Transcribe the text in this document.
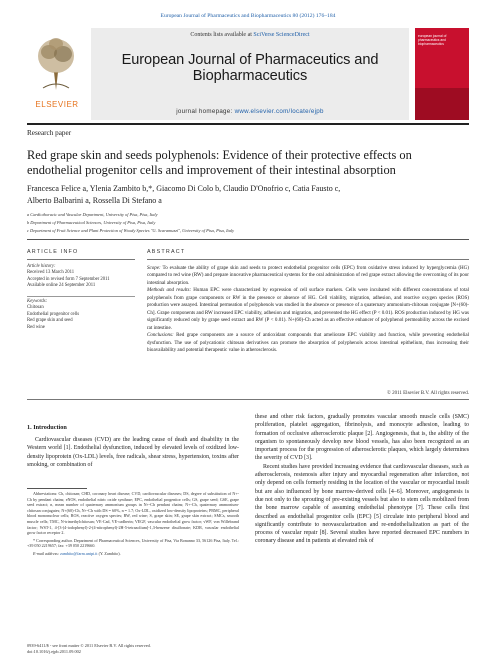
European Journal of Pharmaceutics and Biopharmaceutics 80 (2012) 176–184
ELSEVIER
Contents lists available at SciVerse ScienceDirect
European Journal of Pharmaceutics and Biopharmaceutics
journal homepage: www.elsevier.com/locate/ejpb
european journal of pharmaceutics and biopharmaceutics
Research paper
Red grape skin and seeds polyphenols: Evidence of their protective effects on endothelial progenitor cells and improvement of their intestinal absorption
Francesca Felice a, Ylenia Zambito b,*, Giacomo Di Colo b, Claudio D'Onofrio c, Catia Fausto c,
Alberto Balbarini a, Rossella Di Stefano a
a Cardiothoracic and Vascular Department, University of Pisa, Pisa, Italy
b Department of Pharmaceutical Sciences, University of Pisa, Pisa, Italy
c Department of Fruit Science and Plant Protection of Woody Species "G. Scaramuzzi", University of Pisa, Pisa, Italy
ARTICLE INFO	ABSTRACT
Article history:
Received 13 March 2011
Accepted in revised form 7 September 2011
Available online 24 September 2011
Keywords:
Chitosan
Endothelial progenitor cells
Red grape skin and seed
Red wine
Scope: To evaluate the ability of grape skin and seeds to protect endothelial progenitor cells (EPC) from oxidative stress induced by hyperglycemia (HG) compared to red wine (RW) and prepare innovative pharmaceutical systems for the oral administration of red grape extract allowing the overcoming of its poor intestinal absorption.
Methods and results: Human EPC were characterized by expression of cell surface markers. Cells were incubated with different concentrations of total polyphenols from grape components or RW in the presence or absence of HG. Cell viability, migration, adhesion, and reactive oxygen species (ROS) production were assayed. Intestinal permeation of polyphenols was studied in the absence or presence of a quaternary ammonium-chitosan conjugate [N+(60)-Ch]. Grape components and RW increased EPC viability, adhesion and migration, and prevented the HG effect (P < 0.01). ROS production induced by HG was significantly reduced only by grape seed extract and RW (P < 0.01). N+(60)-Ch acted as an effective enhancer of polyphenol permeability across the excised rat intestine.
Conclusions: Red grape components are a source of antioxidant compounds that ameliorate EPC viability and function, while preventing endothelial dysfunction. The use of polycationic chitosan derivatives can promote the absorption of polyphenols across intestinal epithelium, thus increasing their bioavailability and potential therapeutic value in atherosclerosis.
© 2011 Elsevier B.V. All rights reserved.
1. Introduction
Cardiovascular diseases (CVD) are the leading cause of death and disability in the Western world [1]. Endothelial dysfunction, induced by elevated levels of oxidized low-density lipoprotein (Ox-LDL) levels, free radicals, shear stress, hypertension, toxins after smoking, or combination of

Abbreviations: Ch, chitosan; CHD, coronary heart disease; CVD, cardiovascular diseases; DS, degree of substitution of N+-Ch by pendant chains; eNOS, endothelial nitric oxide synthase; EPC, endothelial progenitor cells; GS, grape seed; GSE, grape seed extract; n, mean number of quaternary ammonium groups in N+-Ch pendant chains; N+-Ch, quaternary ammonium-chitosan conjugates; N+(60)-Ch, N+-Ch with DS = 60%, n = 1.7; Ox-LDL, oxidized low-density lipoproteins; PBMC, peripheral blood mononuclear cells; ROS, reactive oxygen species; RW, red wine; S, grape skin; SE, grape skin extract; SMCs, smooth muscle cells; TMC, N-trimethylchitosan; VE-Cad, VE-cadherin; VEGF, vascular endothelial grow factor; vWF, von Willebrand factor; WST-1, 4-[3-(4-iodophenyl)-2-(4-nitrophenyl)-2H-5-tetrazolium]-1,3-benzene disulfonate; KDR, vascular endothelial grow factor receptor 2.

* Corresponding author. Department of Pharmaceutical Sciences, University of Pisa, Via Bonanno 33, 56126 Pisa, Italy. Tel.: +39 050 2219657; fax: +39 050 2219660.

E-mail address: zambito@farm.unipi.it (Y. Zambito).

these and other risk factors, gradually promotes vascular smooth muscle cells (SMC) proliferation, platelet aggregation, fibrinolysis, and monocyte adhesion, leading to formation of occlusive atherosclerotic plaque [2]. Angiogenesis, that is, the ability of the organism to spontaneously develop new blood vessels, has also been recognized as an important process for the progression of atherosclerotic plaques, which largely determines the severity of CVD [3].

Recent studies have provided increasing evidence that cardiovascular diseases, such as atherosclerosis, restenosis after injury and myocardial regeneration after infarction, not only depend on cells formerly residing in the location of the vascular or myocardial insult but are also influenced by bone marrow-derived cells [4–6]. Moreover, angiogenesis is due not only to the sprouting of pre-existing vessels but also to stem cells mobilized from the bone marrow capable of assuming endothelial phenotype [7]. These cells first described as endothelial progenitor cells (EPC) [5] circulate into peripheral blood and significantly contribute to neovascularization and re-endothelialization as part of the process of vascular repair [8]. Several studies have reported decreased EPC numbers in coronary disease and in patients at elevated risk of

0939-6411/$ - see front matter © 2011 Elsevier B.V. All rights reserved.
doi:10.1016/j.ejpb.2011.09.002
